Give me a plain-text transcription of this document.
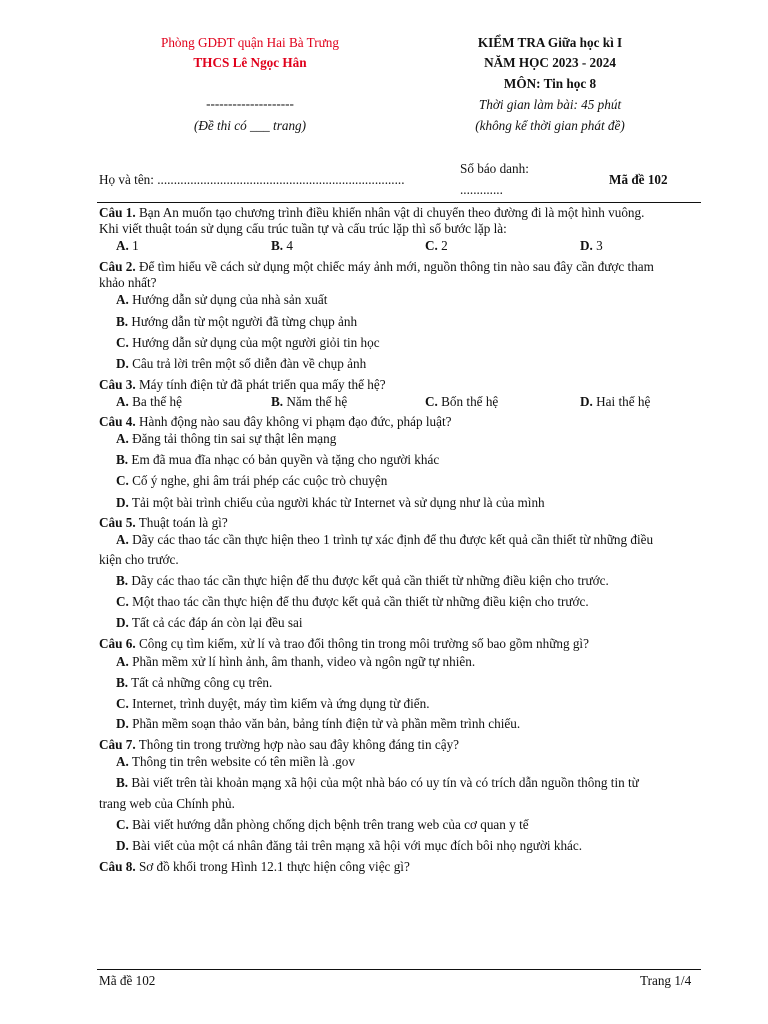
Phòng GDĐT quận Hai Bà Trưng
THCS Lê Ngọc Hân
--------------------
(Đề thi có ___ trang)
KIỂM TRA Giữa học kì I
NĂM HỌC 2023 - 2024
MÔN: Tin học 8
Thời gian làm bài: 45 phút
(không kể thời gian phát đề)
Họ và tên: ...........................................................................
Số báo danh:
.............
Mã đề 102
Câu 1. Bạn An muốn tạo chương trình điều khiển nhân vật di chuyển theo đường đi là một hình vuông.
Khi viết thuật toán sử dụng cấu trúc tuần tự và cấu trúc lặp thì số bước lặp là:
A. 1	B. 4	C. 2	D. 3
Câu 2. Để tìm hiểu về cách sử dụng một chiếc máy ảnh mới, nguồn thông tin nào sau đây cần được tham
khảo nhất?
A. Hướng dẫn sử dụng của nhà sản xuất
B. Hướng dẫn từ một người đã từng chụp ảnh
C. Hướng dẫn sử dụng của một người giỏi tin học
D. Câu trả lời trên một số diễn đàn về chụp ảnh
Câu 3. Máy tính điện tử đã phát triển qua mấy thế hệ?
A. Ba thế hệ	B. Năm thế hệ	C. Bốn thế hệ	D. Hai thế hệ
Câu 4. Hành động nào sau đây không vi phạm đạo đức, pháp luật?
A. Đăng tải thông tin sai sự thật lên mạng
B. Em đã mua đĩa nhạc có bản quyền và tặng cho người khác
C. Cố ý nghe, ghi âm trái phép các cuộc trò chuyện
D. Tải một bài trình chiếu của người khác từ Internet và sử dụng như là của mình
Câu 5. Thuật toán là gì?
A. Dãy các thao tác cần thực hiện theo 1 trình tự xác định để thu được kết quả cần thiết từ những điều
kiện cho trước.
B. Dãy các thao tác cần thực hiện để thu được kết quả cần thiết từ những điều kiện cho trước.
C. Một thao tác cần thực hiện để thu được kết quả cần thiết từ những điều kiện cho trước.
D. Tất cả các đáp án còn lại đều sai
Câu 6. Công cụ tìm kiếm, xử lí và trao đổi thông tin trong môi trường số bao gồm những gì?
A. Phần mềm xử lí hình ảnh, âm thanh, video và ngôn ngữ tự nhiên.
B. Tất cả những công cụ trên.
C. Internet, trình duyệt, máy tìm kiếm và ứng dụng từ điển.
D. Phần mềm soạn thảo văn bản, bảng tính điện tử và phần mềm trình chiếu.
Câu 7. Thông tin trong trường hợp nào sau đây không đáng tin cậy?
A. Thông tin trên website có tên miền là .gov
B. Bài viết trên tài khoản mạng xã hội của một nhà báo có uy tín và có trích dẫn nguồn thông tin từ
trang web của Chính phủ.
C. Bài viết hướng dẫn phòng chống dịch bệnh trên trang web của cơ quan y tế
D. Bài viết của một cá nhân đăng tải trên mạng xã hội với mục đích bôi nhọ người khác.
Câu 8. Sơ đồ khối trong Hình 12.1 thực hiện công việc gì?
Mã đề 102	Trang 1/4
